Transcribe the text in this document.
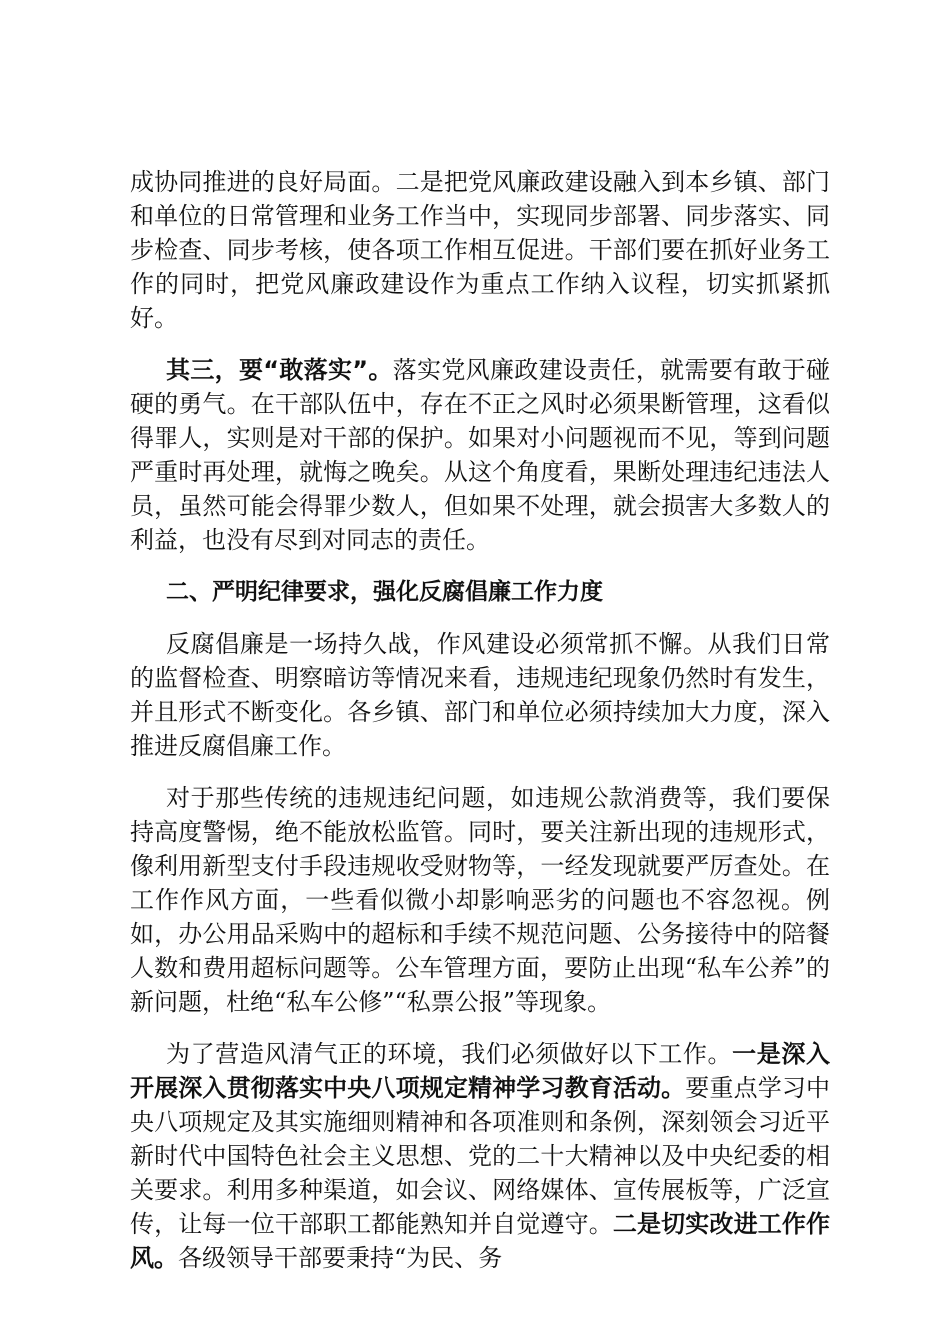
成协同推进的良好局面。二是把党风廉政建设融入到本乡镇、部门和单位的日常管理和业务工作当中，实现同步部署、同步落实、同步检查、同步考核，使各项工作相互促进。干部们要在抓好业务工作的同时，把党风廉政建设作为重点工作纳入议程，切实抓紧抓好。

其三，要“敢落实”。落实党风廉政建设责任，就需要有敢于碰硬的勇气。在干部队伍中，存在不正之风时必须果断管理，这看似得罪人，实则是对干部的保护。如果对小问题视而不见，等到问题严重时再处理，就悔之晚矣。从这个角度看，果断处理违纪违法人员，虽然可能会得罪少数人，但如果不处理，就会损害大多数人的利益，也没有尽到对同志的责任。

二、严明纪律要求，强化反腐倡廉工作力度

反腐倡廉是一场持久战，作风建设必须常抓不懈。从我们日常的监督检查、明察暗访等情况来看，违规违纪现象仍然时有发生，并且形式不断变化。各乡镇、部门和单位必须持续加大力度，深入推进反腐倡廉工作。

对于那些传统的违规违纪问题，如违规公款消费等，我们要保持高度警惕，绝不能放松监管。同时，要关注新出现的违规形式，像利用新型支付手段违规收受财物等，一经发现就要严厉查处。在工作作风方面，一些看似微小却影响恶劣的问题也不容忽视。例如，办公用品采购中的超标和手续不规范问题、公务接待中的陪餐人数和费用超标问题等。公车管理方面，要防止出现“私车公养”的新问题，杜绝“私车公修”“私票公报”等现象。

为了营造风清气正的环境，我们必须做好以下工作。一是深入开展深入贯彻落实中央八项规定精神学习教育活动。要重点学习中央八项规定及其实施细则精神和各项准则和条例，深刻领会习近平新时代中国特色社会主义思想、党的二十大精神以及中央纪委的相关要求。利用多种渠道，如会议、网络媒体、宣传展板等，广泛宣传，让每一位干部职工都能熟知并自觉遵守。二是切实改进工作作风。各级领导干部要秉持“为民、务
